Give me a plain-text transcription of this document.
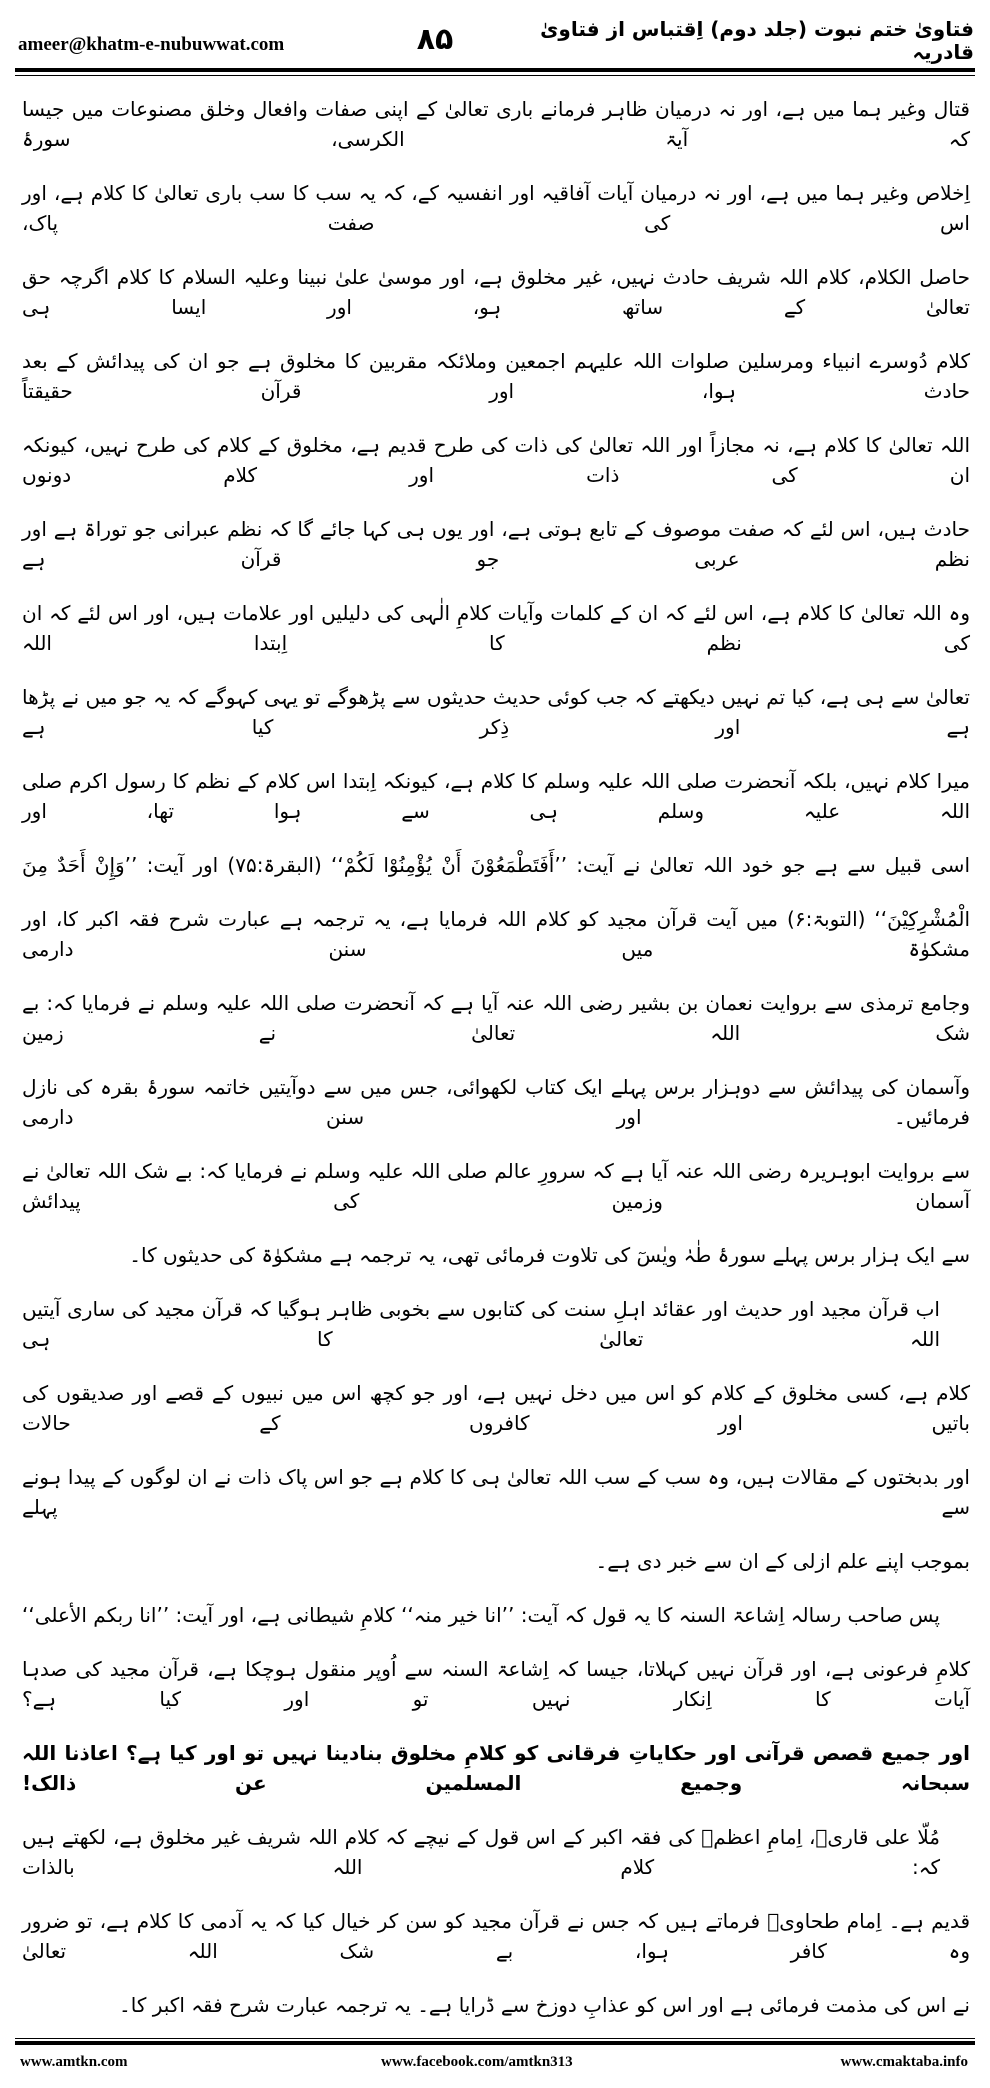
ameer@khatm-e-nubuwwat.com	۸۵	فتاویٰ ختم نبوت (جلد دوم) اِقتباس از فتاویٰ قادریہ
قتال وغیر ہما میں ہے، اور نہ درمیان ظاہر فرمانے باری تعالیٰ کے اپنی صفات وافعال وخلق مصنوعات میں جیسا کہ آیۃ الکرسی، سورۂ
اِخلاص وغیر ہما میں ہے، اور نہ درمیان آیات آفاقیہ اور انفسیہ کے، کہ یہ سب کا سب باری تعالیٰ کا کلام ہے، اور اس کی صفت پاک،
حاصل الکلام، کلام اللہ شریف حادث نہیں، غیر مخلوق ہے، اور موسیٰ علیٰ نبینا وعلیہ السلام کا کلام اگرچہ حق تعالیٰ کے ساتھ ہو، اور ایسا ہی
کلام دُوسرے انبیاء ومرسلین صلوات اللہ علیہم اجمعین وملائکہ مقربین کا مخلوق ہے جو ان کی پیدائش کے بعد حادث ہوا، اور قرآن حقیقتاً
اللہ تعالیٰ کا کلام ہے، نہ مجازاً اور اللہ تعالیٰ کی ذات کی طرح قدیم ہے، مخلوق کے کلام کی طرح نہیں، کیونکہ ان کی ذات اور کلام دونوں
حادث ہیں، اس لئے کہ صفت موصوف کے تابع ہوتی ہے، اور یوں ہی کہا جائے گا کہ نظم عبرانی جو توراۃ ہے اور نظم عربی جو قرآن ہے
وہ اللہ تعالیٰ کا کلام ہے، اس لئے کہ ان کے کلمات وآیات کلامِ الٰہی کی دلیلیں اور علامات ہیں، اور اس لئے کہ ان کی نظم کا اِبتدا اللہ
تعالیٰ سے ہی ہے، کیا تم نہیں دیکھتے کہ جب کوئی حدیث حدیثوں سے پڑھوگے تو یہی کہوگے کہ یہ جو میں نے پڑھا ہے اور ذِکر کیا ہے
میرا کلام نہیں، بلکہ آنحضرت صلی اللہ علیہ وسلم کا کلام ہے، کیونکہ اِبتدا اس کلام کے نظم کا رسول اکرم صلی اللہ علیہ وسلم ہی سے ہوا تھا، اور
اسی قبیل سے ہے جو خود اللہ تعالیٰ نے آیت: ’’أَفَتَطْمَعُوْنَ أَنْ يُؤْمِنُوْا لَكُمْ‘‘ (البقرۃ:۷۵) اور آیت: ’’وَإِنْ أَحَدٌ مِنَ
الْمُشْرِكِيْنَ‘‘ (التوبۃ:۶) میں آیت قرآن مجید کو کلام اللہ فرمایا ہے، یہ ترجمہ ہے عبارت شرح فقہ اکبر کا، اور مشکوٰۃ میں سنن دارمی
وجامع ترمذی سے بروایت نعمان بن بشیر رضی اللہ عنہ آیا ہے کہ آنحضرت صلی اللہ علیہ وسلم نے فرمایا کہ: بے شک اللہ تعالیٰ نے زمین
وآسمان کی پیدائش سے دوہزار برس پہلے ایک کتاب لکھوائی، جس میں سے دوآیتیں خاتمہ سورۂ بقرہ کی نازل فرمائیں۔ اور سنن دارمی
سے بروایت ابوہریرہ رضی اللہ عنہ آیا ہے کہ سرورِ عالم صلی اللہ علیہ وسلم نے فرمایا کہ: بے شک اللہ تعالیٰ نے آسمان وزمین کی پیدائش
سے ایک ہزار برس پہلے سورۂ طٰہٰ ویٰسٓ کی تلاوت فرمائی تھی، یہ ترجمہ ہے مشکوٰۃ کی حدیثوں کا۔
اب قرآن مجید اور حدیث اور عقائد اہلِ سنت کی کتابوں سے بخوبی ظاہر ہوگیا کہ قرآن مجید کی ساری آیتیں اللہ تعالیٰ کا ہی
کلام ہے، کسی مخلوق کے کلام کو اس میں دخل نہیں ہے، اور جو کچھ اس میں نبیوں کے قصے اور صدیقوں کی باتیں اور کافروں کے حالات
اور بدبختوں کے مقالات ہیں، وہ سب کے سب اللہ تعالیٰ ہی کا کلام ہے جو اس پاک ذات نے ان لوگوں کے پیدا ہونے سے پہلے
بموجب اپنے علم ازلی کے ان سے خبر دی ہے۔
پس صاحب رسالہ اِشاعۃ السنہ کا یہ قول کہ آیت: ’’انا خیر منہ‘‘ کلامِ شیطانی ہے، اور آیت: ’’انا ربكم الأعلى‘‘
کلامِ فرعونی ہے، اور قرآن نہیں کہلاتا، جیسا کہ اِشاعۃ السنہ سے اُوپر منقول ہوچکا ہے، قرآن مجید کی صدہا آیات کا اِنکار نہیں تو اور کیا ہے؟
اور جمیع قصص قرآنی اور حکایاتِ فرقانی کو کلامِ مخلوق بنادینا نہیں تو اور کیا ہے؟ اعاذنا اللہ سبحانہ وجمیع المسلمین عن ذالک!
مُلّا علی قاریؒ، اِمامِ اعظمؒ کی فقہ اکبر کے اس قول کے نیچے کہ کلام اللہ شریف غیر مخلوق ہے، لکھتے ہیں کہ: کلام اللہ بالذات
قدیم ہے۔ اِمام طحاویؒ فرماتے ہیں کہ جس نے قرآن مجید کو سن کر خیال کیا کہ یہ آدمی کا کلام ہے، تو ضرور وہ کافر ہوا، بے شک اللہ تعالیٰ
نے اس کی مذمت فرمائی ہے اور اس کو عذابِ دوزخ سے ڈرایا ہے۔ یہ ترجمہ عبارت شرح فقہ اکبر کا۔
www.amtkn.com	www.facebook.com/amtkn313	www.cmaktaba.info
